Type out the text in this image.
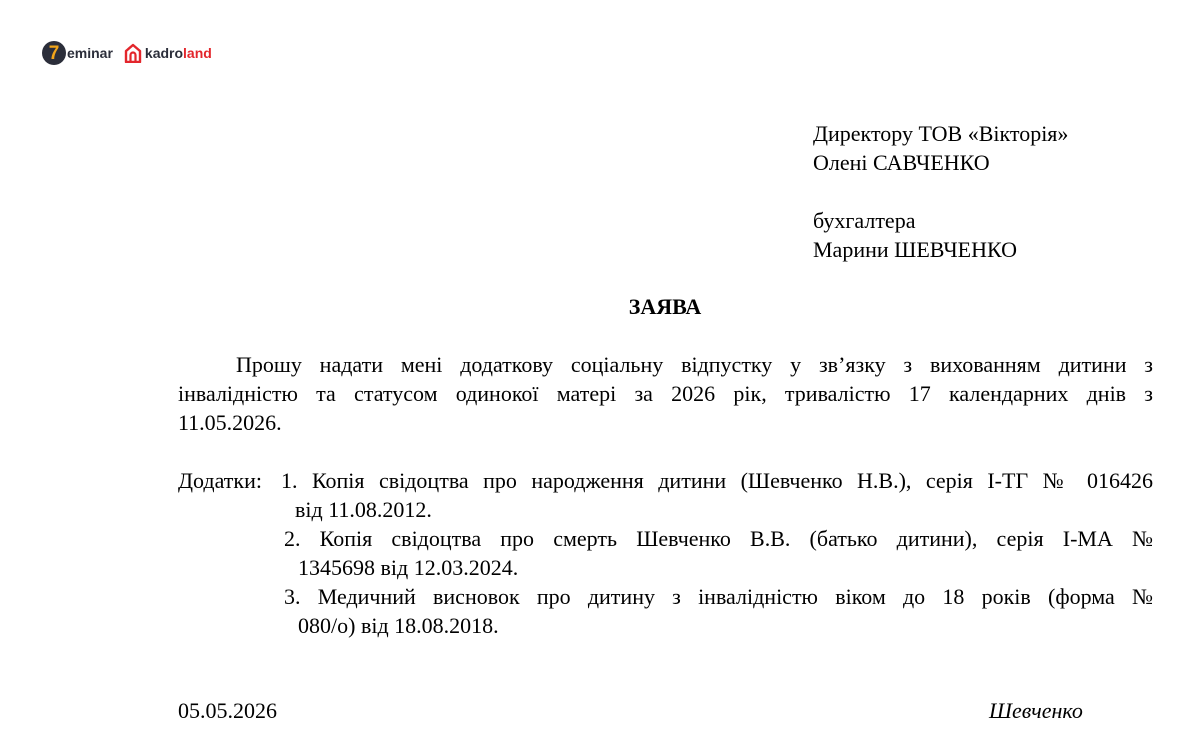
7 eminar kadro land
Директору ТОВ «Вікторія»
Олені САВЧЕНКО
бухгалтера
Марини ШЕВЧЕНКО
ЗАЯВА
Прошу надати мені додаткову соціальну відпустку у зв’язку з вихованням дитини з
інвалідністю та статусом одинокої матері за 2026 рік, тривалістю 17 календарних днів з
11.05.2026.
Додатки: 1. Копія свідоцтва про народження дитини (Шевченко Н.В.), серія І-ТГ № 016426
від 11.08.2012.
2. Копія свідоцтва про смерть Шевченко В.В. (батько дитини), серія І-МА №
1345698 від 12.03.2024.
3. Медичний висновок про дитину з інвалідністю віком до 18 років (форма №
080/о) від 18.08.2018.
05.05.2026	Шевченко
